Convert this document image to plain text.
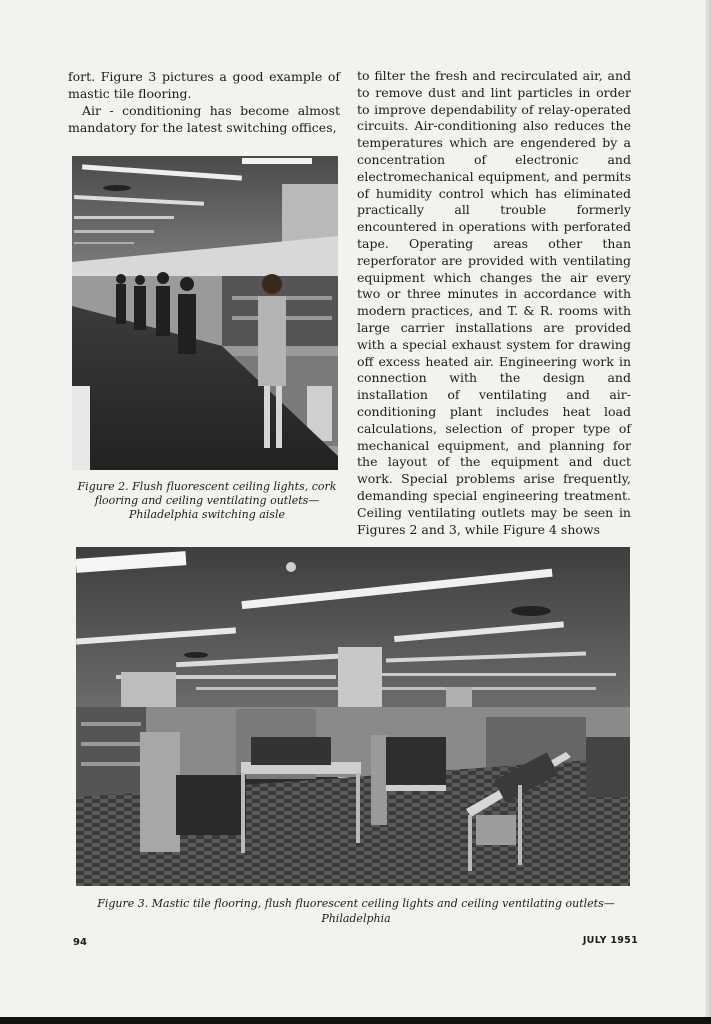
fort. Figure 3 pictures a good example of mastic tile flooring.

Air - conditioning has become almost mandatory for the latest switching offices,

Figure 2. Flush fluorescent ceiling lights, cork flooring and ceiling ventilating outlets— Philadelphia switching aisle
to filter the fresh and recirculated air, and to remove dust and lint particles in order to improve dependability of relay-operated circuits. Air-conditioning also reduces the temperatures which are engendered by a concentration of electronic and electromechanical equipment, and permits of humidity control which has eliminated practically all trouble formerly encountered in operations with perforated tape. Operating areas other than reperforator are provided with ventilating equipment which changes the air every two or three minutes in accordance with modern practices, and T. & R. rooms with large carrier installations are provided with a special exhaust system for drawing off excess heated air. Engineering work in connection with the design and installation of ventilating and air-conditioning plant includes heat load calculations, selection of proper type of mechanical equipment, and planning for the layout of the equipment and duct work. Special problems arise frequently, demanding special engineering treatment. Ceiling ventilating outlets may be seen in Figures 2 and 3, while Figure 4 shows
Figure 3. Mastic tile flooring, flush fluorescent ceiling lights and ceiling ventilating outlets—Philadelphia
94	JULY 1951
